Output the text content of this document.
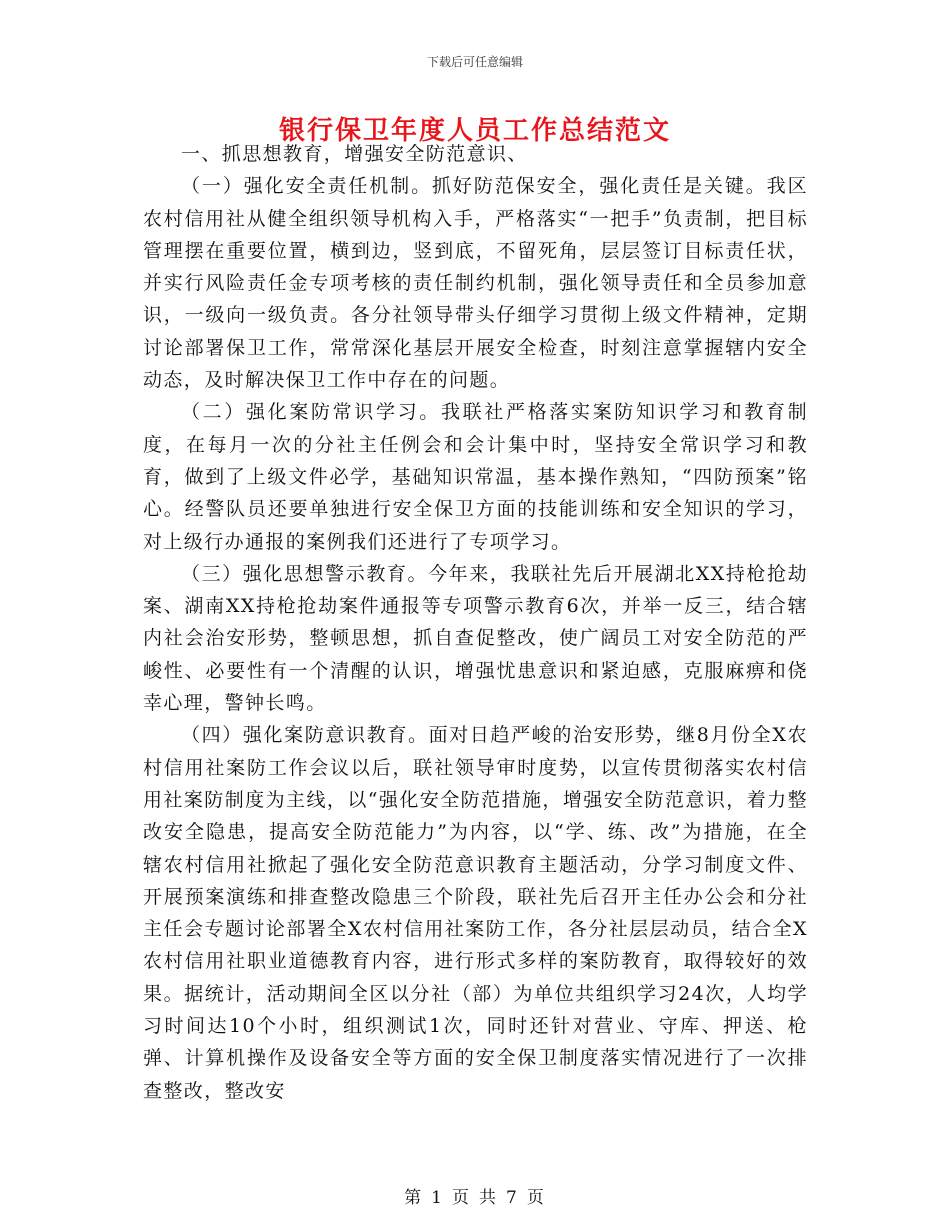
下载后可任意编辑
银行保卫年度人员工作总结范文

一、抓思想教育，增强安全防范意识、

（一）强化安全责任机制。抓好防范保安全，强化责任是关键。我区农村信用社从健全组织领导机构入手，严格落实“一把手”负责制，把目标管理摆在重要位置，横到边，竖到底，不留死角，层层签订目标责任状，并实行风险责任金专项考核的责任制约机制，强化领导责任和全员参加意识，一级向一级负责。各分社领导带头仔细学习贯彻上级文件精神，定期讨论部署保卫工作，常常深化基层开展安全检查，时刻注意掌握辖内安全动态，及时解决保卫工作中存在的问题。

（二）强化案防常识学习。我联社严格落实案防知识学习和教育制度，在每月一次的分社主任例会和会计集中时，坚持安全常识学习和教育，做到了上级文件必学，基础知识常温，基本操作熟知，“四防预案”铭心。经警队员还要单独进行安全保卫方面的技能训练和安全知识的学习，对上级行办通报的案例我们还进行了专项学习。

（三）强化思想警示教育。今年来，我联社先后开展湖北XX持枪抢劫案、湖南XX持枪抢劫案件通报等专项警示教育6次，并举一反三，结合辖内社会治安形势，整顿思想，抓自查促整改，使广阔员工对安全防范的严峻性、必要性有一个清醒的认识，增强忧患意识和紧迫感，克服麻痹和侥幸心理，警钟长鸣。

（四）强化案防意识教育。面对日趋严峻的治安形势，继8月份全X农村信用社案防工作会议以后，联社领导审时度势，以宣传贯彻落实农村信用社案防制度为主线，以“强化安全防范措施，增强安全防范意识，着力整改安全隐患，提高安全防范能力”为内容，以“学、练、改”为措施，在全辖农村信用社掀起了强化安全防范意识教育主题活动，分学习制度文件、开展预案演练和排查整改隐患三个阶段，联社先后召开主任办公会和分社主任会专题讨论部署全X农村信用社案防工作，各分社层层动员，结合全X农村信用社职业道德教育内容，进行形式多样的案防教育，取得较好的效果。据统计，活动期间全区以分社（部）为单位共组织学习24次，人均学习时间达10个小时，组织测试1次，同时还针对营业、守库、押送、枪弹、计算机操作及设备安全等方面的安全保卫制度落实情况进行了一次排查整改，整改安

第 1 页 共 7 页
